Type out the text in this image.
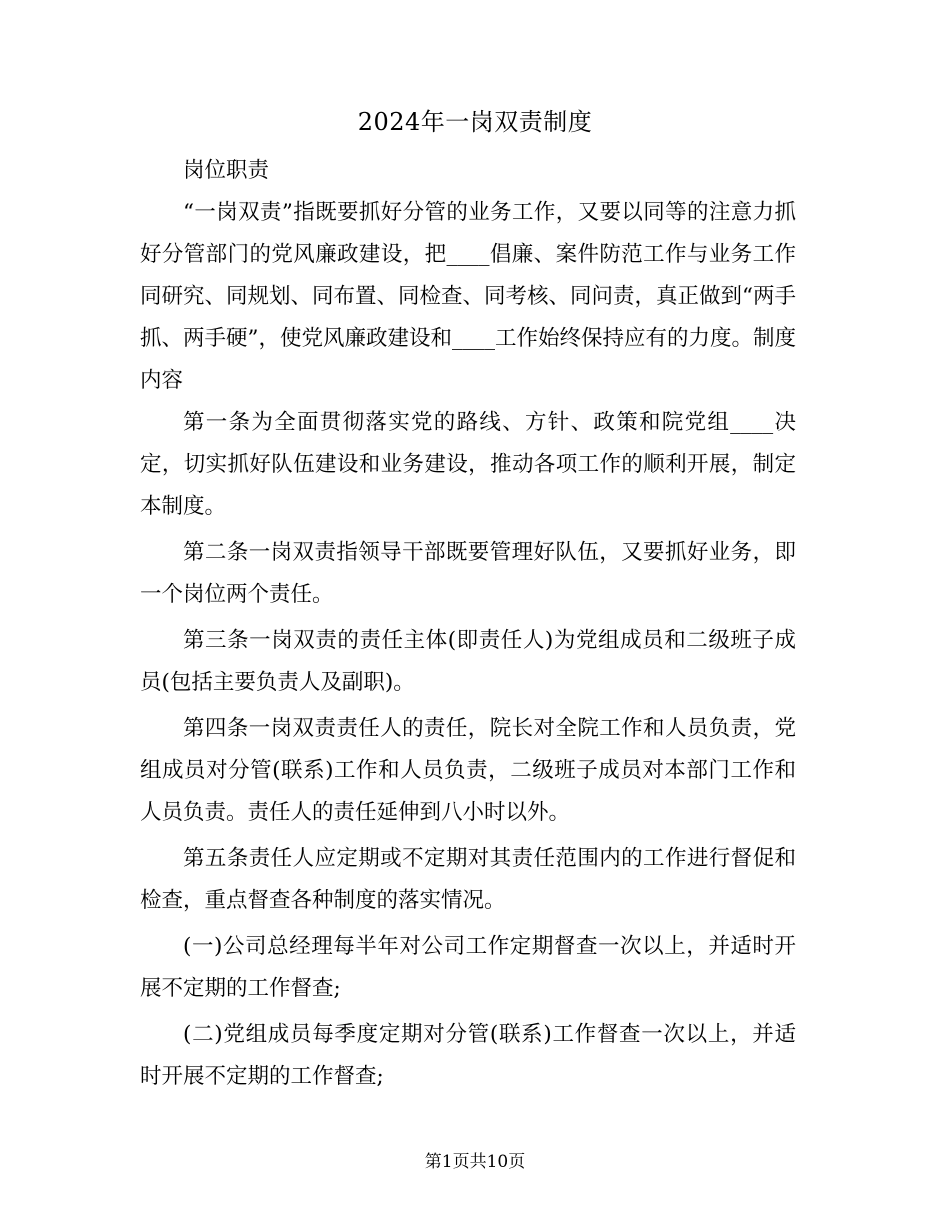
2024年一岗双责制度

岗位职责

“一岗双责”指既要抓好分管的业务工作，又要以同等的注意力抓好分管部门的党风廉政建设，把____倡廉、案件防范工作与业务工作同研究、同规划、同布置、同检查、同考核、同问责，真正做到“两手抓、两手硬”，使党风廉政建设和____工作始终保持应有的力度。制度内容

第一条为全面贯彻落实党的路线、方针、政策和院党组____决定，切实抓好队伍建设和业务建设，推动各项工作的顺利开展，制定本制度。

第二条一岗双责指领导干部既要管理好队伍，又要抓好业务，即一个岗位两个责任。

第三条一岗双责的责任主体(即责任人)为党组成员和二级班子成员(包括主要负责人及副职)。

第四条一岗双责责任人的责任，院长对全院工作和人员负责，党组成员对分管(联系)工作和人员负责，二级班子成员对本部门工作和人员负责。责任人的责任延伸到八小时以外。

第五条责任人应定期或不定期对其责任范围内的工作进行督促和检查，重点督查各种制度的落实情况。

(一)公司总经理每半年对公司工作定期督查一次以上，并适时开展不定期的工作督查;

(二)党组成员每季度定期对分管(联系)工作督查一次以上，并适时开展不定期的工作督查;

第1页共10页
